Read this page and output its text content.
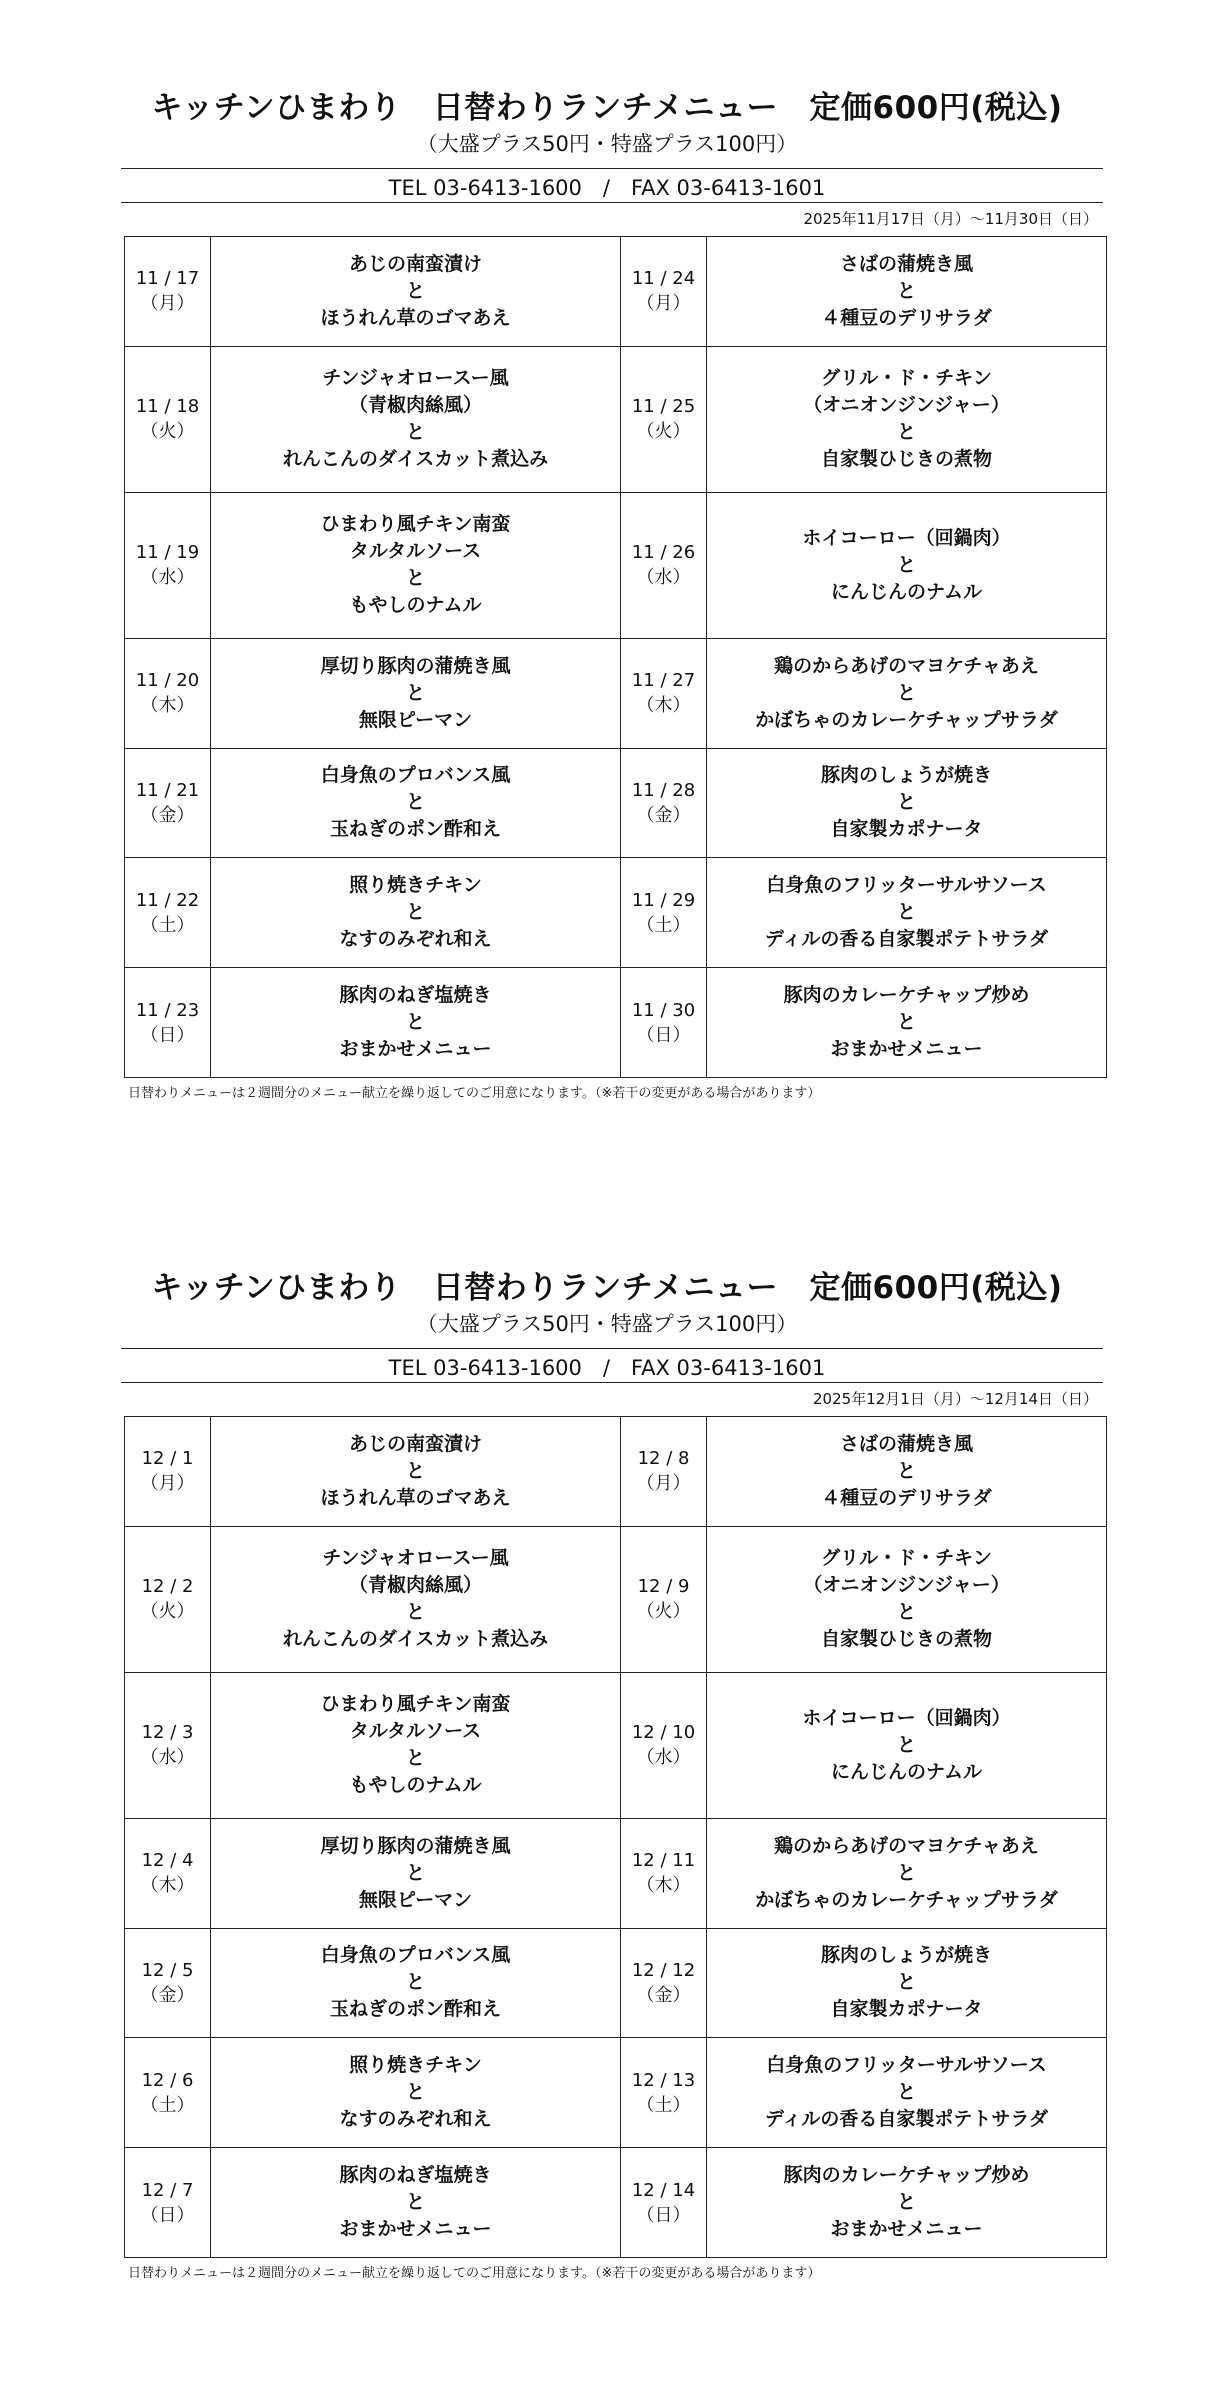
キッチンひまわり　日替わりランチメニュー　定価600円(税込)
（大盛プラス50円・特盛プラス100円）
TEL 03-6413-1600　/　FAX 03-6413-1601
2025年11月17日（月）〜11月30日（日）
11 / 17
（月）	あじの南蛮漬け
と
ほうれん草のゴマあえ	11 / 24
（月）	さばの蒲焼き風
と
４種豆のデリサラダ

11 / 18
（火）	チンジャオロースー風
（青椒肉絲風）
と
れんこんのダイスカット煮込み	11 / 25
（火）	グリル・ド・チキン
（オニオンジンジャー）
と
自家製ひじきの煮物

11 / 19
（水）	ひまわり風チキン南蛮
タルタルソース
と
もやしのナムル	11 / 26
（水）	ホイコーロー（回鍋肉）
と
にんじんのナムル

11 / 20
（木）	厚切り豚肉の蒲焼き風
と
無限ピーマン	11 / 27
（木）	鶏のからあげのマヨケチャあえ
と
かぼちゃのカレーケチャップサラダ

11 / 21
（金）	白身魚のプロバンス風
と
玉ねぎのポン酢和え	11 / 28
（金）	豚肉のしょうが焼き
と
自家製カポナータ

11 / 22
（土）	照り焼きチキン
と
なすのみぞれ和え	11 / 29
（土）	白身魚のフリッターサルサソース
と
ディルの香る自家製ポテトサラダ

11 / 23
（日）	豚肉のねぎ塩焼き
と
おまかせメニュー	11 / 30
（日）	豚肉のカレーケチャップ炒め
と
おまかせメニュー
日替わりメニューは２週間分のメニュー献立を繰り返してのご用意になります。（※若干の変更がある場合があります）
キッチンひまわり　日替わりランチメニュー　定価600円(税込)
（大盛プラス50円・特盛プラス100円）
TEL 03-6413-1600　/　FAX 03-6413-1601
2025年12月1日（月）〜12月14日（日）
12 / 1
（月）	あじの南蛮漬け
と
ほうれん草のゴマあえ	12 / 8
（月）	さばの蒲焼き風
と
４種豆のデリサラダ

12 / 2
（火）	チンジャオロースー風
（青椒肉絲風）
と
れんこんのダイスカット煮込み	12 / 9
（火）	グリル・ド・チキン
（オニオンジンジャー）
と
自家製ひじきの煮物

12 / 3
（水）	ひまわり風チキン南蛮
タルタルソース
と
もやしのナムル	12 / 10
（水）	ホイコーロー（回鍋肉）
と
にんじんのナムル

12 / 4
（木）	厚切り豚肉の蒲焼き風
と
無限ピーマン	12 / 11
（木）	鶏のからあげのマヨケチャあえ
と
かぼちゃのカレーケチャップサラダ

12 / 5
（金）	白身魚のプロバンス風
と
玉ねぎのポン酢和え	12 / 12
（金）	豚肉のしょうが焼き
と
自家製カポナータ

12 / 6
（土）	照り焼きチキン
と
なすのみぞれ和え	12 / 13
（土）	白身魚のフリッターサルサソース
と
ディルの香る自家製ポテトサラダ

12 / 7
（日）	豚肉のねぎ塩焼き
と
おまかせメニュー	12 / 14
（日）	豚肉のカレーケチャップ炒め
と
おまかせメニュー
日替わりメニューは２週間分のメニュー献立を繰り返してのご用意になります。（※若干の変更がある場合があります）
